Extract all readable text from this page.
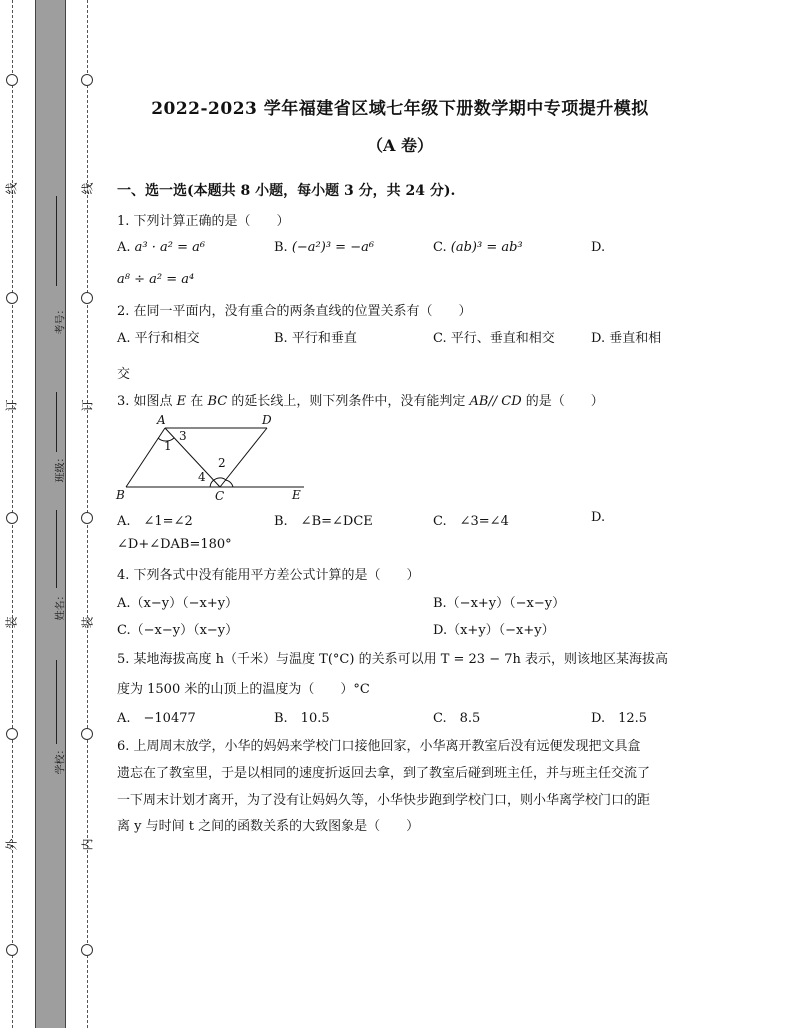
线
订
装
外
线
订
装
内
考号：
班级：
姓名：
学校：
2022-2023 学年福建省区域七年级下册数学期中专项提升模拟
（A 卷）
一、选一选(本题共 8 小题，每小题 3 分，共 24 分).
1. 下列计算正确的是（　　）
A. a³ · a² = a⁶	B. (−a²)³ = −a⁶	C. (ab)³ = ab³	D.
a⁸ ÷ a² = a⁴
2. 在同一平面内，没有重合的两条直线的位置关系有（　　）
A. 平行和相交	B. 平行和垂直	C. 平行、垂直和相交	D. 垂直和相
交
3. 如图点 E 在 BC 的延长线上，则下列条件中，没有能判定 AB// CD 的是（　　）
A	D
B	C	E
1
2
3
4
A.　∠1=∠2	B.　∠B=∠DCE	C.　∠3=∠4	D.
∠D+∠DAB=180°
4. 下列各式中没有能用平方差公式计算的是（　　）
A.（x−y）（−x+y）	B.（−x+y）（−x−y）
C.（−x−y）（x−y）	D.（x+y）（−x+y）
5. 某地海拔高度 h（千米）与温度 T(°C) 的关系可以用 T = 23 − 7h 表示，则该地区某海拔高
度为 1500 米的山顶上的温度为（　　）°C
A.　−10477	B.　10.5	C.　8.5	D.　12.5
6. 上周周末放学，小华的妈妈来学校门口接他回家，小华离开教室后没有远便发现把文具盒
遗忘在了教室里，于是以相同的速度折返回去拿，到了教室后碰到班主任，并与班主任交流了
一下周末计划才离开，为了没有让妈妈久等，小华快步跑到学校门口，则小华离学校门口的距
离 y 与时间 t 之间的函数关系的大致图象是（　　）
